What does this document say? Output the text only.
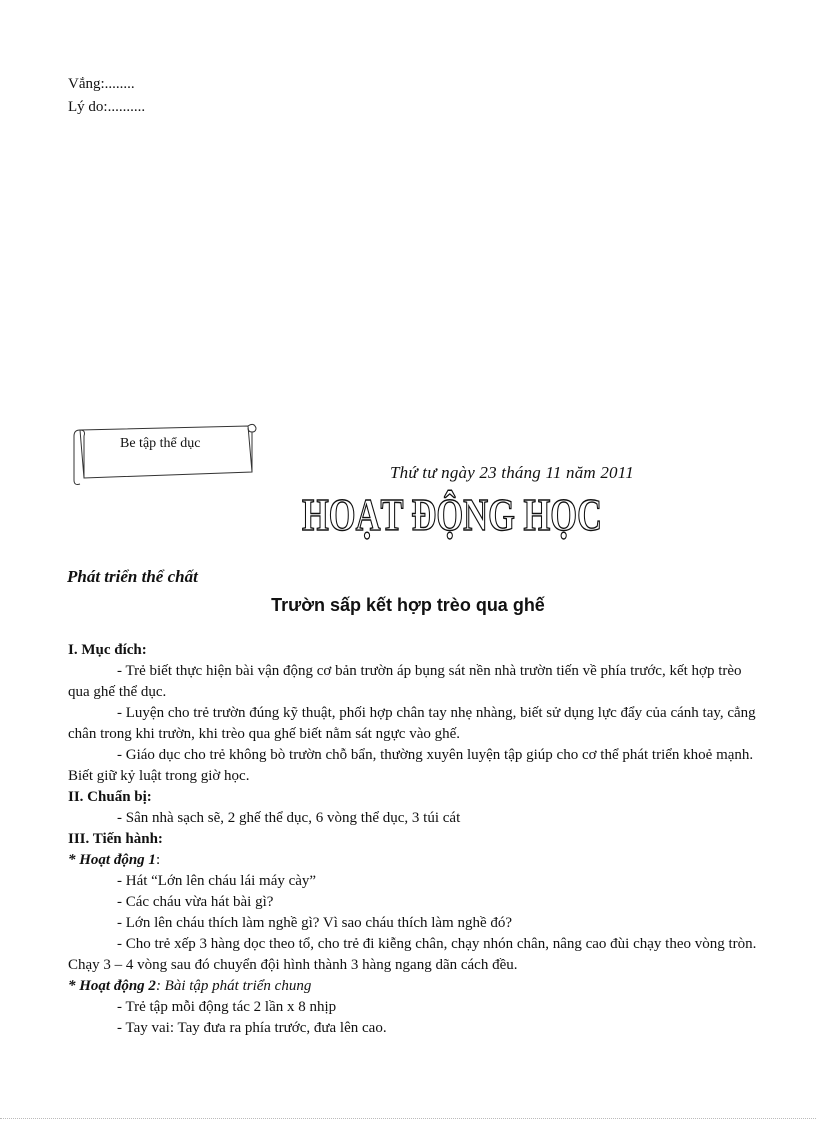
Vắng:........
Lý do:..........
Be tập thể dục
Thứ tư ngày 23 tháng 11 năm 2011
HOẠT ĐỘNG HỌC
Phát triển thể chất
Trườn sấp kết hợp trèo qua ghế

I. Mục đích:

- Trẻ biết thực hiện bài vận động cơ bản trườn áp bụng sát nền nhà trườn tiến về phía trước, kết hợp trèo qua ghế thể dục.

- Luyện cho trẻ trườn đúng kỹ thuật, phối hợp chân tay nhẹ nhàng, biết sử dụng lực đẩy của cánh tay, cẳng chân trong khi trườn, khi trèo qua ghế biết nằm sát ngực vào ghế.

- Giáo dục cho trẻ không bò trườn chỗ bẩn, thường xuyên luyện tập giúp cho cơ thể phát triển khoẻ mạnh. Biết giữ kỷ luật trong giờ học.

II. Chuẩn bị:

- Sân nhà sạch sẽ, 2 ghế thể dục, 6 vòng thể dục, 3 túi cát

III. Tiến hành:

* Hoạt động 1:

- Hát “Lớn lên cháu lái máy cày”

- Các cháu vừa hát bài gì?

- Lớn lên cháu thích làm nghề gì? Vì sao cháu thích làm nghề đó?

- Cho trẻ xếp 3 hàng dọc theo tổ, cho trẻ đi kiễng chân, chạy nhón chân, nâng cao đùi chạy theo vòng tròn. Chạy 3 – 4 vòng sau đó chuyển đội hình thành 3 hàng ngang dãn cách đều.

* Hoạt động 2: Bài tập phát triển chung

- Trẻ tập mỗi động tác 2 lần x 8 nhịp

- Tay vai: Tay đưa ra phía trước, đưa lên cao.
